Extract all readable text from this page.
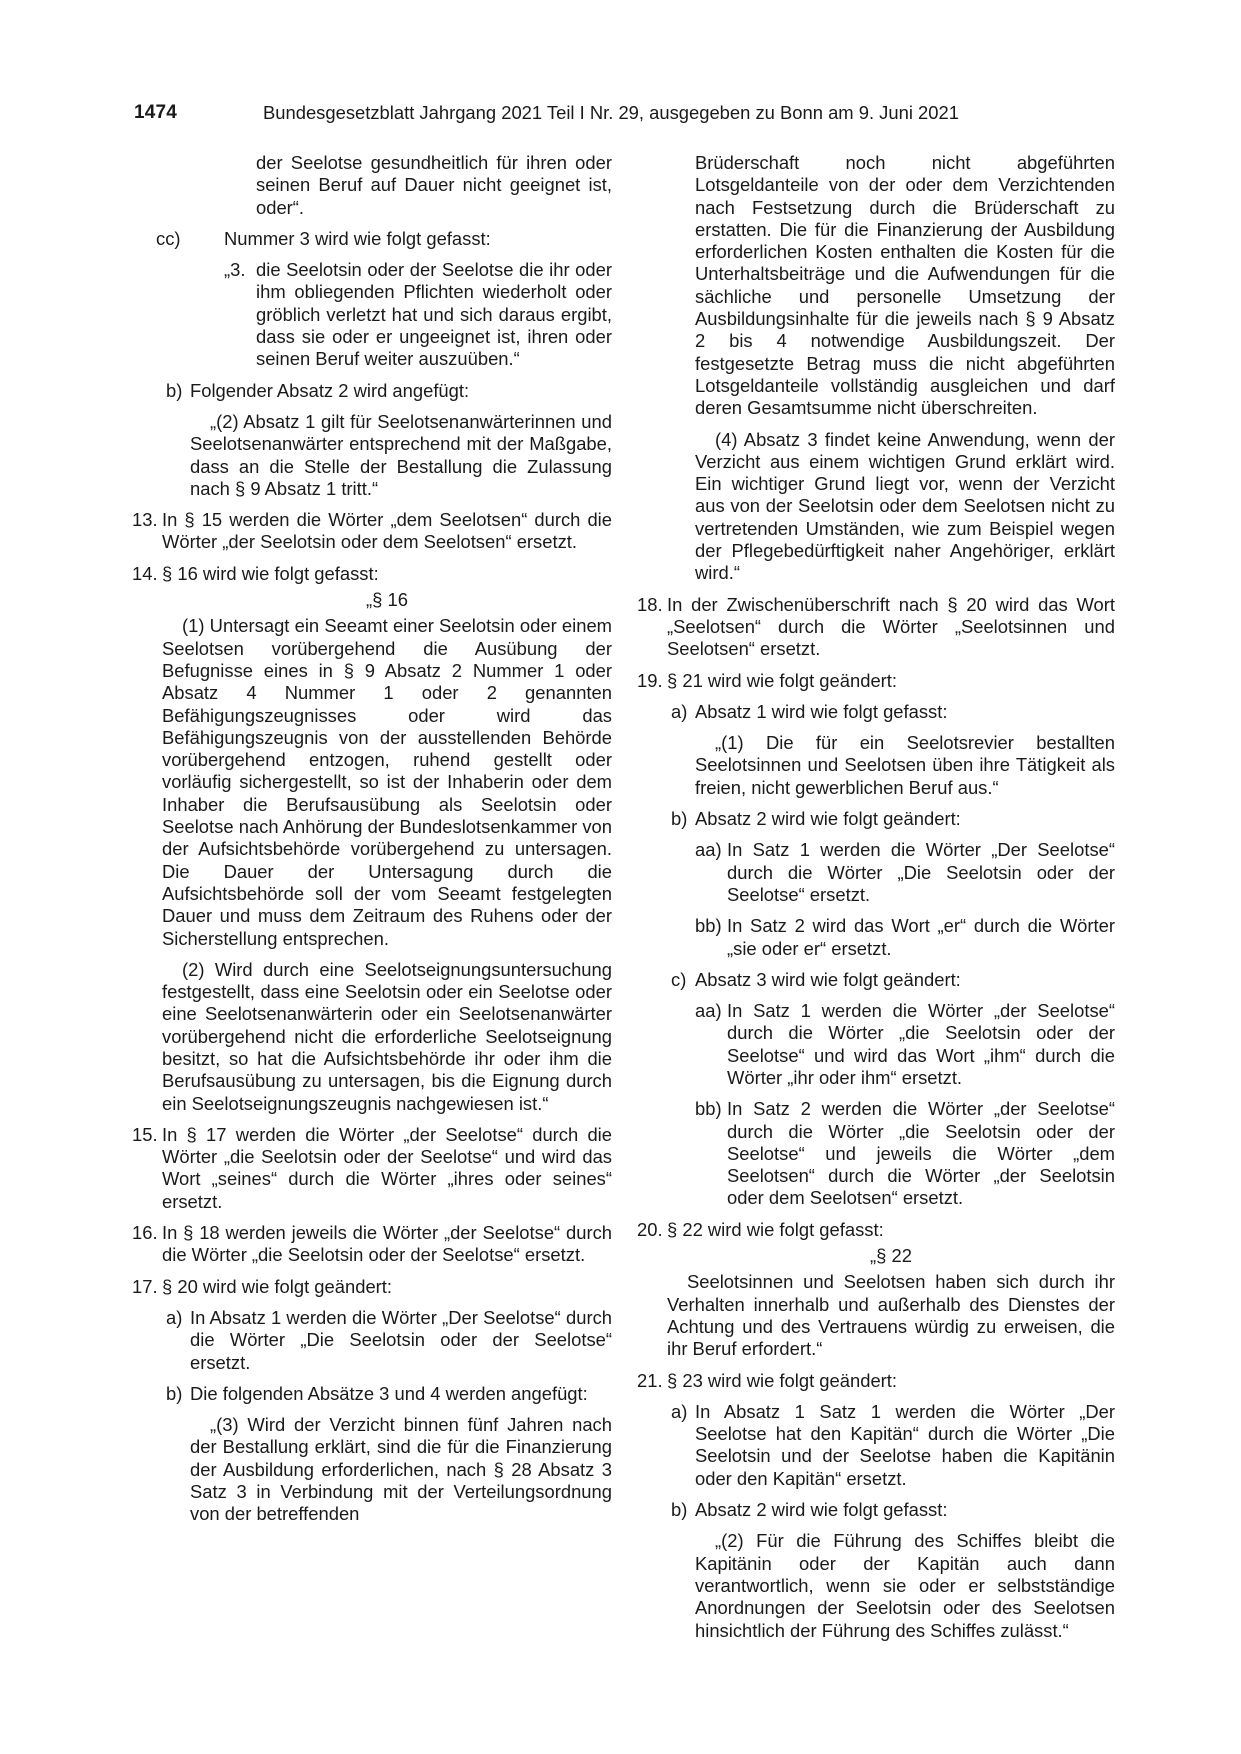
1474	Bundesgesetzblatt Jahrgang 2021 Teil I Nr. 29, ausgegeben zu Bonn am 9. Juni 2021

der Seelotse gesundheitlich für ihren oder seinen Beruf auf Dauer nicht geeignet ist, oder“.

cc) Nummer 3 wird wie folgt gefasst:
„3. die Seelotsin oder der Seelotse die ihr oder ihm obliegenden Pflichten wiederholt oder gröblich verletzt hat und sich daraus ergibt, dass sie oder er ungeeignet ist, ihren oder seinen Beruf weiter auszuüben.“
b) Folgender Absatz 2 wird angefügt:

„(2) Absatz 1 gilt für Seelotsenanwärterinnen und Seelotsenanwärter entsprechend mit der Maßgabe, dass an die Stelle der Bestallung die Zulassung nach § 9 Absatz 1 tritt.“

13. In § 15 werden die Wörter „dem Seelotsen“ durch die Wörter „der Seelotsin oder dem Seelotsen“ ersetzt.
14. § 16 wird wie folgt gefasst:
„§ 16

(1) Untersagt ein Seeamt einer Seelotsin oder einem Seelotsen vorübergehend die Ausübung der Befugnisse eines in § 9 Absatz 2 Nummer 1 oder Absatz 4 Nummer 1 oder 2 genannten Befähigungszeugnisses oder wird das Befähigungszeugnis von der ausstellenden Behörde vorübergehend entzogen, ruhend gestellt oder vorläufig sichergestellt, so ist der Inhaberin oder dem Inhaber die Berufsausübung als Seelotsin oder Seelotse nach Anhörung der Bundeslotsenkammer von der Aufsichtsbehörde vorübergehend zu untersagen. Die Dauer der Untersagung durch die Aufsichtsbehörde soll der vom Seeamt festgelegten Dauer und muss dem Zeitraum des Ruhens oder der Sicherstellung entsprechen.

(2) Wird durch eine Seelotseignungsuntersuchung festgestellt, dass eine Seelotsin oder ein Seelotse oder eine Seelotsenanwärterin oder ein Seelotsenanwärter vorübergehend nicht die erforderliche Seelotseignung besitzt, so hat die Aufsichtsbehörde ihr oder ihm die Berufsausübung zu untersagen, bis die Eignung durch ein Seelotseignungszeugnis nachgewiesen ist.“

15. In § 17 werden die Wörter „der Seelotse“ durch die Wörter „die Seelotsin oder der Seelotse“ und wird das Wort „seines“ durch die Wörter „ihres oder seines“ ersetzt.
16. In § 18 werden jeweils die Wörter „der Seelotse“ durch die Wörter „die Seelotsin oder der Seelotse“ ersetzt.
17. § 20 wird wie folgt geändert:
a) In Absatz 1 werden die Wörter „Der Seelotse“ durch die Wörter „Die Seelotsin oder der Seelotse“ ersetzt.
b) Die folgenden Absätze 3 und 4 werden angefügt:

„(3) Wird der Verzicht binnen fünf Jahren nach der Bestallung erklärt, sind die für die Finanzierung der Ausbildung erforderlichen, nach § 28 Absatz 3 Satz 3 in Verbindung mit der Verteilungsordnung von der betreffenden

Brüderschaft noch nicht abgeführten Lotsgeldanteile von der oder dem Verzichtenden nach Festsetzung durch die Brüderschaft zu erstatten. Die für die Finanzierung der Ausbildung erforderlichen Kosten enthalten die Kosten für die Unterhaltsbeiträge und die Aufwendungen für die sächliche und personelle Umsetzung der Ausbildungsinhalte für die jeweils nach § 9 Absatz 2 bis 4 notwendige Ausbildungszeit. Der festgesetzte Betrag muss die nicht abgeführten Lotsgeldanteile vollständig ausgleichen und darf deren Gesamtsumme nicht überschreiten.

(4) Absatz 3 findet keine Anwendung, wenn der Verzicht aus einem wichtigen Grund erklärt wird. Ein wichtiger Grund liegt vor, wenn der Verzicht aus von der Seelotsin oder dem Seelotsen nicht zu vertretenden Umständen, wie zum Beispiel wegen der Pflegebedürftigkeit naher Angehöriger, erklärt wird.“

18. In der Zwischenüberschrift nach § 20 wird das Wort „Seelotsen“ durch die Wörter „Seelotsinnen und Seelotsen“ ersetzt.
19. § 21 wird wie folgt geändert:
a) Absatz 1 wird wie folgt gefasst:

„(1) Die für ein Seelotsrevier bestallten Seelotsinnen und Seelotsen üben ihre Tätigkeit als freien, nicht gewerblichen Beruf aus.“

b) Absatz 2 wird wie folgt geändert:
aa) In Satz 1 werden die Wörter „Der Seelotse“ durch die Wörter „Die Seelotsin oder der Seelotse“ ersetzt.
bb) In Satz 2 wird das Wort „er“ durch die Wörter „sie oder er“ ersetzt.
c) Absatz 3 wird wie folgt geändert:
aa) In Satz 1 werden die Wörter „der Seelotse“ durch die Wörter „die Seelotsin oder der Seelotse“ und wird das Wort „ihm“ durch die Wörter „ihr oder ihm“ ersetzt.
bb) In Satz 2 werden die Wörter „der Seelotse“ durch die Wörter „die Seelotsin oder der Seelotse“ und jeweils die Wörter „dem Seelotsen“ durch die Wörter „der Seelotsin oder dem Seelotsen“ ersetzt.
20. § 22 wird wie folgt gefasst:
„§ 22

Seelotsinnen und Seelotsen haben sich durch ihr Verhalten innerhalb und außerhalb des Dienstes der Achtung und des Vertrauens würdig zu erweisen, die ihr Beruf erfordert.“

21. § 23 wird wie folgt geändert:
a) In Absatz 1 Satz 1 werden die Wörter „Der Seelotse hat den Kapitän“ durch die Wörter „Die Seelotsin und der Seelotse haben die Kapitänin oder den Kapitän“ ersetzt.
b) Absatz 2 wird wie folgt gefasst:

„(2) Für die Führung des Schiffes bleibt die Kapitänin oder der Kapitän auch dann verantwortlich, wenn sie oder er selbstständige Anordnungen der Seelotsin oder des Seelotsen hinsichtlich der Führung des Schiffes zulässt.“
